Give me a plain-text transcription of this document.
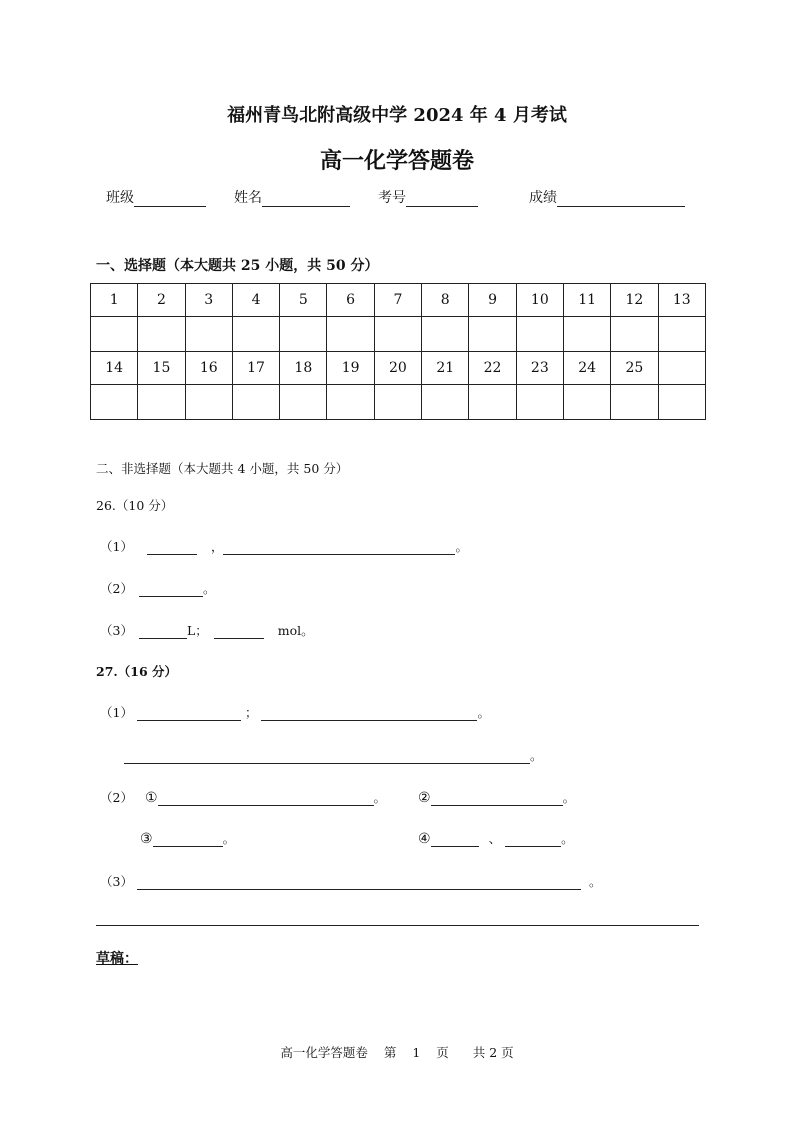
福州青鸟北附高级中学 2024 年 4 月考试
高一化学答题卷
班级	姓名	考号	成绩
一、选择题（本大题共 25 小题，共 50 分）
1	2	3	4	5	6	7	8	9	10	11	12	13

14	15	16	17	18	19	20	21	22	23	24	25	

二、非选择题（本大题共 4 小题，共 50 分）
26.（10 分）
（1）	，	。
（2）	。
（3）	L；	mol。
27.（16 分）
（1）	；	。
。
（2） ①	。 ②	。
③	。	④	、	。
（3）	。
草稿：
高一化学答题卷 第 1 页 共 2 页
